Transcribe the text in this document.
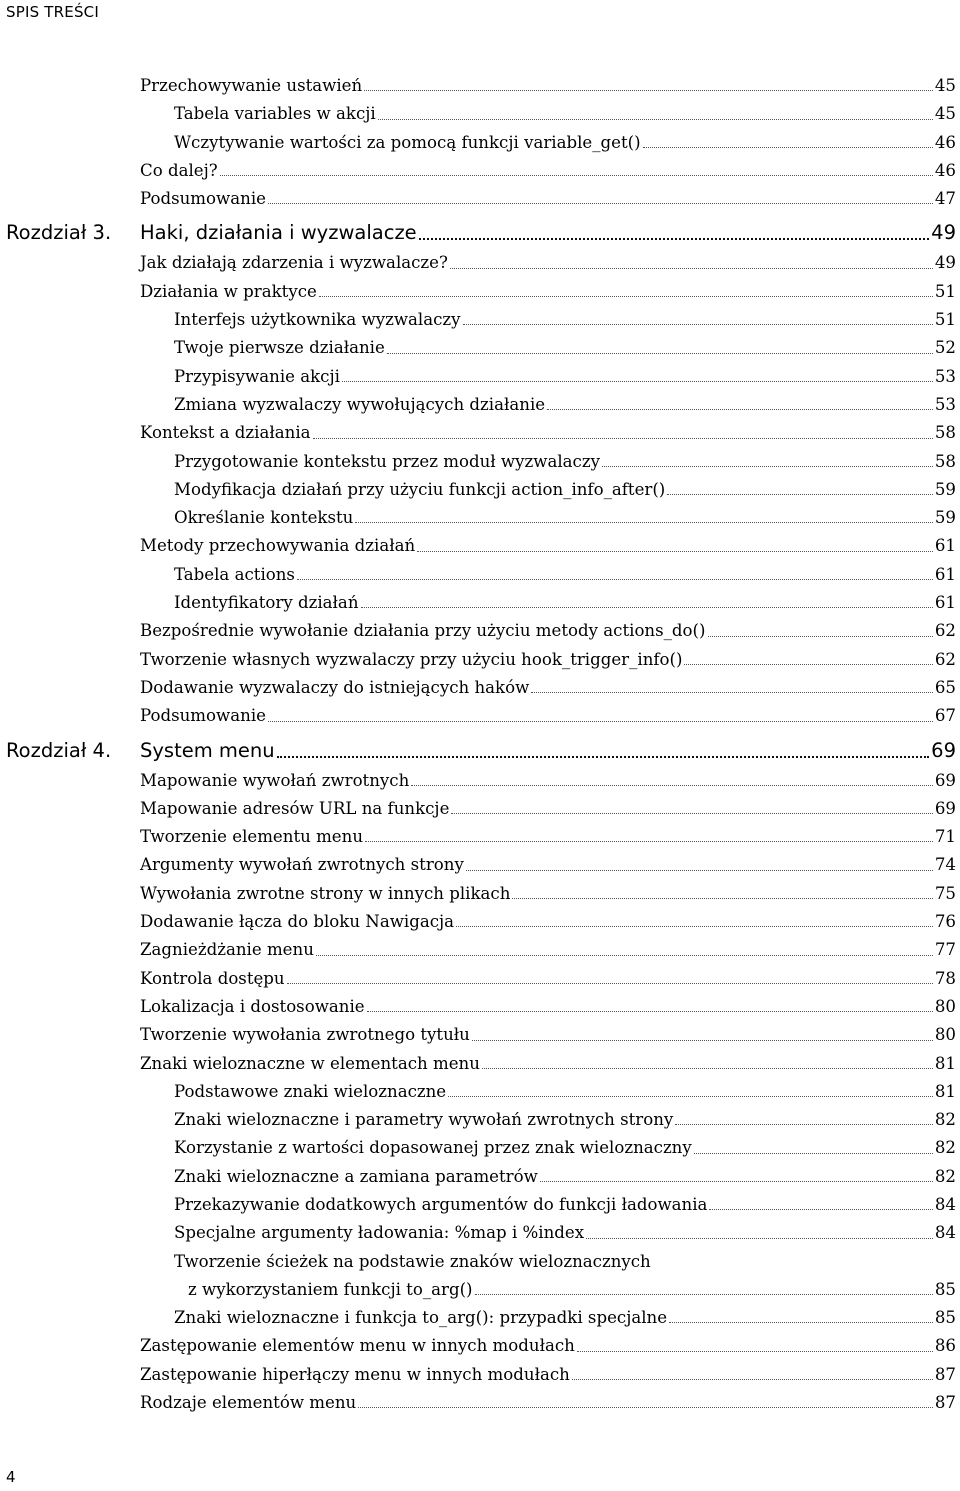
SPIS TREŚCI
Przechowywanie ustawień	45
Tabela variables w akcji	45
Wczytywanie wartości za pomocą funkcji variable_get()	46
Co dalej?	46
Podsumowanie	47
Rozdział 3. Haki, działania i wyzwalacze	49
Jak działają zdarzenia i wyzwalacze?	49
Działania w praktyce	51
Interfejs użytkownika wyzwalaczy	51
Twoje pierwsze działanie	52
Przypisywanie akcji	53
Zmiana wyzwalaczy wywołujących działanie	53
Kontekst a działania	58
Przygotowanie kontekstu przez moduł wyzwalaczy	58
Modyfikacja działań przy użyciu funkcji action_info_after()	59
Określanie kontekstu	59
Metody przechowywania działań	61
Tabela actions	61
Identyfikatory działań	61
Bezpośrednie wywołanie działania przy użyciu metody actions_do()	62
Tworzenie własnych wyzwalaczy przy użyciu hook_trigger_info()	62
Dodawanie wyzwalaczy do istniejących haków	65
Podsumowanie	67
Rozdział 4. System menu	69
Mapowanie wywołań zwrotnych	69
Mapowanie adresów URL na funkcje	69
Tworzenie elementu menu	71
Argumenty wywołań zwrotnych strony	74
Wywołania zwrotne strony w innych plikach	75
Dodawanie łącza do bloku Nawigacja	76
Zagnieżdżanie menu	77
Kontrola dostępu	78
Lokalizacja i dostosowanie	80
Tworzenie wywołania zwrotnego tytułu	80
Znaki wieloznaczne w elementach menu	81
Podstawowe znaki wieloznaczne	81
Znaki wieloznaczne i parametry wywołań zwrotnych strony	82
Korzystanie z wartości dopasowanej przez znak wieloznaczny	82
Znaki wieloznaczne a zamiana parametrów	82
Przekazywanie dodatkowych argumentów do funkcji ładowania	84
Specjalne argumenty ładowania: %map i %index	84
Tworzenie ścieżek na podstawie znaków wieloznacznych
z wykorzystaniem funkcji to_arg()	85
Znaki wieloznaczne i funkcja to_arg(): przypadki specjalne	85
Zastępowanie elementów menu w innych modułach	86
Zastępowanie hiperłączy menu w innych modułach	87
Rodzaje elementów menu	87
4
